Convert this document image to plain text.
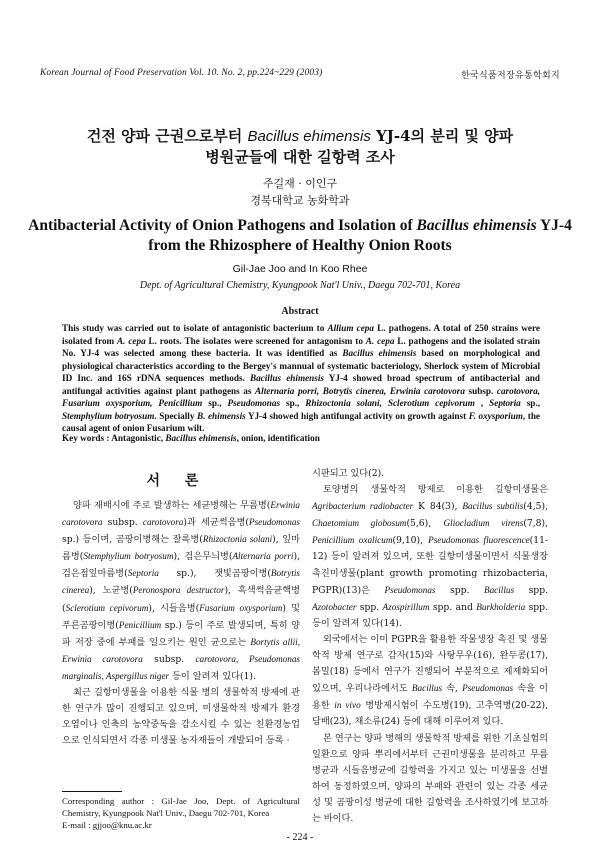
Korean Journal of Food Preservation Vol. 10. No. 2, pp.224~229 (2003)	한국식품저장유통학회지
건전 양파 근권으로부터 Bacillus ehimensis YJ-4의 분리 및 양파
병원균들에 대한 길항력 조사
주길재 · 이인구
경북대학교 농화학과
Antibacterial Activity of Onion Pathogens and Isolation of Bacillus ehimensis YJ-4
from the Rhizosphere of Healthy Onion Roots
Gil-Jae Joo and In Koo Rhee
Dept. of Agricultural Chemistry, Kyungpook Nat'l Univ., Daegu 702-701, Korea
Abstract
This study was carried out to isolate of antagonistic bacterium to Allium cepa L. pathogens. A total of 250 strains were isolated from A. cepa L. roots. The isolates were screened for antagonism to A. cepa L. pathogens and the isolated strain No. YJ-4 was selected among these bacteria. It was identified as Bacillus ehimensis based on morphological and physiological characteristics according to the Bergey's mannual of systematic bacteriology, Sherlock system of Microbial ID Inc. and 16S rDNA sequences methods. Bacillus ehimensis YJ-4 showed broad spectrum of antibacterial and antifungal activities against plant pathogens as Alternaria porri, Botrytis cinerea, Erwinia carotovora subsp. carotovora, Fusarium oxysporium, Penicillium sp., Pseudomonas sp., Rhizoctonia solani, Sclerotium cepivorum , Septoria sp., Stemphylium botryosum. Specially B. ehimensis YJ-4 showed high antifungal activity on growth against F. oxysporium, the causal agent of onion Fusarium wilt.
Key words : Antagonistic, Bacillus ehimensis, onion, identification
서 론

양파 재배시에 주로 발생하는 세균병해는 무름병(Erwinia carotovora subsp. carotovora)과 세균썩음병(Pseudomonas sp.) 등이며, 곰팡이병해는 잘록병(Rhizoctonia solani), 잎마름병(Stemphylium botryosum), 검은무늬병(Alternaria porri), 검은점잎마름병(Septoria sp.), 잿빛곰팡이병(Botrytis cinerea), 노균병(Peronospora destructor), 흑색썩음균핵병(Sclerotium cepivorum), 시들음병(Fusarium oxysporium) 및 푸른곰팡이병(Penicillium sp.) 등이 주로 발생되며, 특히 양파 저장 중에 부패를 일으키는 원인 균으로는 Bortytis allii, Erwinia carotovora subsp. carotovora, Pseudomonas marginalis, Aspergillus niger 등이 알려져 있다(1).

최근 길항미생물을 이용한 식물 병의 생물학적 방제에 관한 연구가 많이 진행되고 있으며, 미생물학적 방제가 환경 오염이나 인축의 농약중독을 감소시킬 수 있는 친환경농업으로 인식되면서 각종 미생물 농자재들이 개발되어 등록 ·

시판되고 있다(2).

토양병의 생물학적 방제로 이용한 길항미생물은 Agribacterium radiobacter K 84(3), Bacillus subtilis(4,5), Chaetomium globosum(5,6), Gliocladium virens(7,8), Penicillium oxalicum(9,10), Pseudomonas fluorescence(11-12) 등이 알려져 있으며, 또한 길항미생물이면서 식물생장촉진미생물(plant growth promoting rhizobacteria, PGPR)(13)은 Pseudomonas spp. Bacillus spp. Azotobacter spp. Azospirillum spp. and Burkholderia spp. 등이 알려져 있다(14).

외국에서는 이미 PGPR을 활용한 작물생장 촉진 및 생물학적 방제 연구로 감자(15)와 사탕무우(16), 완두콩(17), 봄밀(18) 등에서 연구가 진행되어 부분적으로 제제화되어 있으며, 우리나라에서도 Bacillus 속, Pseudomonas 속을 이용한 in vivo 병방제시험이 수도병(19), 고추역병(20-22), 담배(23), 채소류(24) 등에 대해 이루어져 있다.

본 연구는 양파 병해의 생물학적 방제를 위한 기초실험의 일환으로 양파 뿌리에서부터 근권미생물을 분리하고 무름병균과 시들음병균에 길항력을 가지고 있는 미생물을 선별하여 동정하였으며, 양파의 부패와 관련이 있는 각종 세균성 및 곰팡이성 병균에 대한 길항력을 조사하였기에 보고하는 바이다.

Corresponding author : Gil-Jae Joo, Dept. of Agricultural Chemistry, Kyungpook Nat'l Univ., Daegu 702-701, Korea
E-mail : gjjoo@knu.ac.kr
- 224 -
